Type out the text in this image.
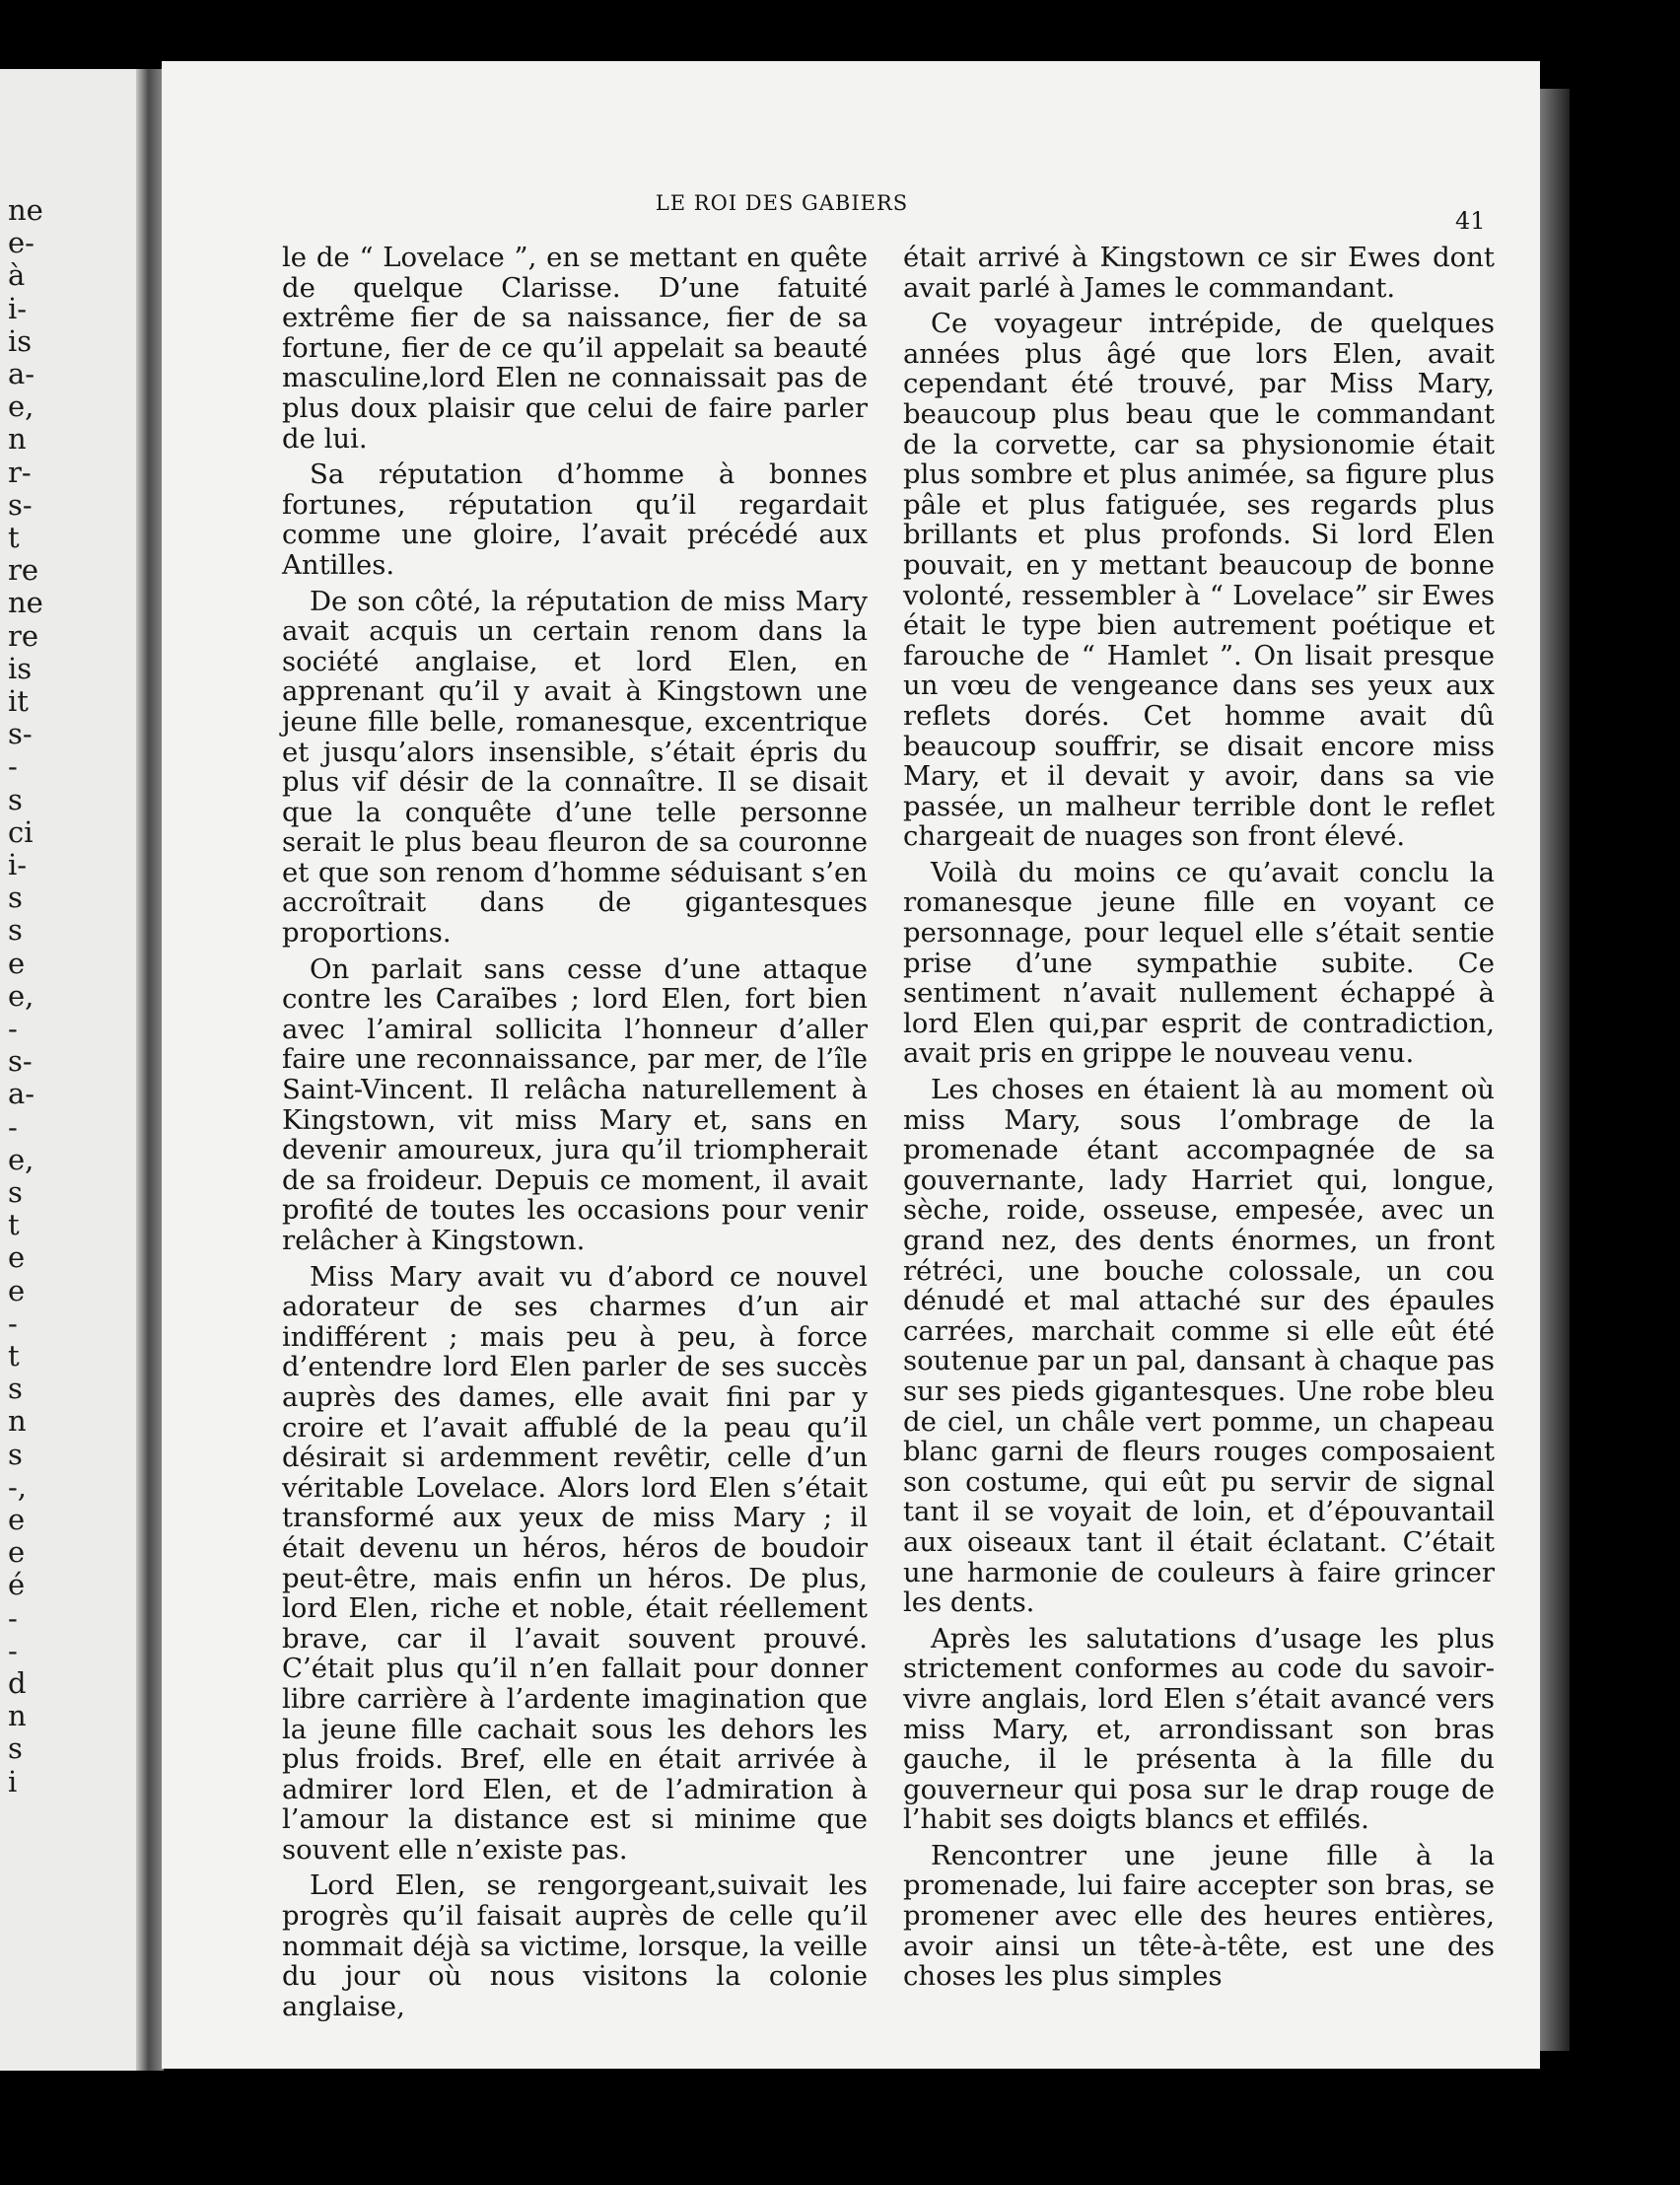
ne
e-
à
i-
is
a-
e,
n
r-
s-
t
re
ne
re
is
it
s-
-
s
ci
i-
s
s
e
e,
-
s-
a-
-
e,
s
t
e
e
-
t
s
n
s
-,
e
e
é
-
-
d
n
s
i
LE ROI DES GABIERS
41

le de “ Lovelace ”, en se mettant en quête de quelque Clarisse. D’une fatuité extrême fier de sa naissance, fier de sa fortune, fier de ce qu’il appelait sa beauté masculine,lord Elen ne connaissait pas de plus doux plaisir que celui de faire parler de lui.

Sa réputation d’homme à bonnes fortunes, réputation qu’il regardait comme une gloire, l’avait précédé aux Antilles.

De son côté, la réputation de miss Mary avait acquis un certain renom dans la société anglaise, et lord Elen, en apprenant qu’il y avait à Kingstown une jeune fille belle, romanesque, excentrique et jusqu’alors insensible, s’était épris du plus vif désir de la connaître. Il se disait que la conquête d’une telle personne serait le plus beau fleuron de sa couronne et que son renom d’homme séduisant s’en accroîtrait dans de gigantesques proportions.

On parlait sans cesse d’une attaque contre les Caraïbes ; lord Elen, fort bien avec l’amiral sollicita l’honneur d’aller faire une reconnaissance, par mer, de l’île Saint-Vincent. Il relâcha naturellement à Kingstown, vit miss Mary et, sans en devenir amoureux, jura qu’il triompherait de sa froideur. Depuis ce moment, il avait profité de toutes les occasions pour venir relâcher à Kingstown.

Miss Mary avait vu d’abord ce nouvel adorateur de ses charmes d’un air indifférent ; mais peu à peu, à force d’entendre lord Elen parler de ses succès auprès des dames, elle avait fini par y croire et l’avait affublé de la peau qu’il désirait si ardemment revêtir, celle d’un véritable Lovelace. Alors lord Elen s’était transformé aux yeux de miss Mary ; il était devenu un héros, héros de boudoir peut-être, mais enfin un héros. De plus, lord Elen, riche et noble, était réellement brave, car il l’avait souvent prouvé. C’était plus qu’il n’en fallait pour donner libre carrière à l’ardente imagination que la jeune fille cachait sous les dehors les plus froids. Bref, elle en était arrivée à admirer lord Elen, et de l’admiration à l’amour la distance est si minime que souvent elle n’existe pas.

Lord Elen, se rengorgeant,suivait les progrès qu’il faisait auprès de celle qu’il nommait déjà sa victime, lorsque, la veille du jour où nous visitons la colonie anglaise,

était arrivé à Kingstown ce sir Ewes dont avait parlé à James le commandant.

Ce voyageur intrépide, de quelques années plus âgé que lors Elen, avait cependant été trouvé, par Miss Mary, beaucoup plus beau que le commandant de la corvette, car sa physionomie était plus sombre et plus animée, sa figure plus pâle et plus fatiguée, ses regards plus brillants et plus profonds. Si lord Elen pouvait, en y mettant beaucoup de bonne volonté, ressembler à “ Lovelace” sir Ewes était le type bien autrement poétique et farouche de “ Hamlet ”. On lisait presque un vœu de vengeance dans ses yeux aux reflets dorés. Cet homme avait dû beaucoup souffrir, se disait encore miss Mary, et il devait y avoir, dans sa vie passée, un malheur terrible dont le reflet chargeait de nuages son front élevé.

Voilà du moins ce qu’avait conclu la romanesque jeune fille en voyant ce personnage, pour lequel elle s’était sentie prise d’une sympathie subite. Ce sentiment n’avait nullement échappé à lord Elen qui,par esprit de contradiction, avait pris en grippe le nouveau venu.

Les choses en étaient là au moment où miss Mary, sous l’ombrage de la promenade étant accompagnée de sa gouvernante, lady Harriet qui, longue, sèche, roide, osseuse, empesée, avec un grand nez, des dents énormes, un front rétréci, une bouche colossale, un cou dénudé et mal attaché sur des épaules carrées, marchait comme si elle eût été soutenue par un pal, dansant à chaque pas sur ses pieds gigantesques. Une robe bleu de ciel, un châle vert pomme, un chapeau blanc garni de fleurs rouges composaient son costume, qui eût pu servir de signal tant il se voyait de loin, et d’épouvantail aux oiseaux tant il était éclatant. C’était une harmonie de couleurs à faire grincer les dents.

Après les salutations d’usage les plus strictement conformes au code du savoir-vivre anglais, lord Elen s’était avancé vers miss Mary, et, arrondissant son bras gauche, il le présenta à la fille du gouverneur qui posa sur le drap rouge de l’habit ses doigts blancs et effilés.

Rencontrer une jeune fille à la promenade, lui faire accepter son bras, se promener avec elle des heures entières, avoir ainsi un tête-à-tête, est une des choses les plus simples
